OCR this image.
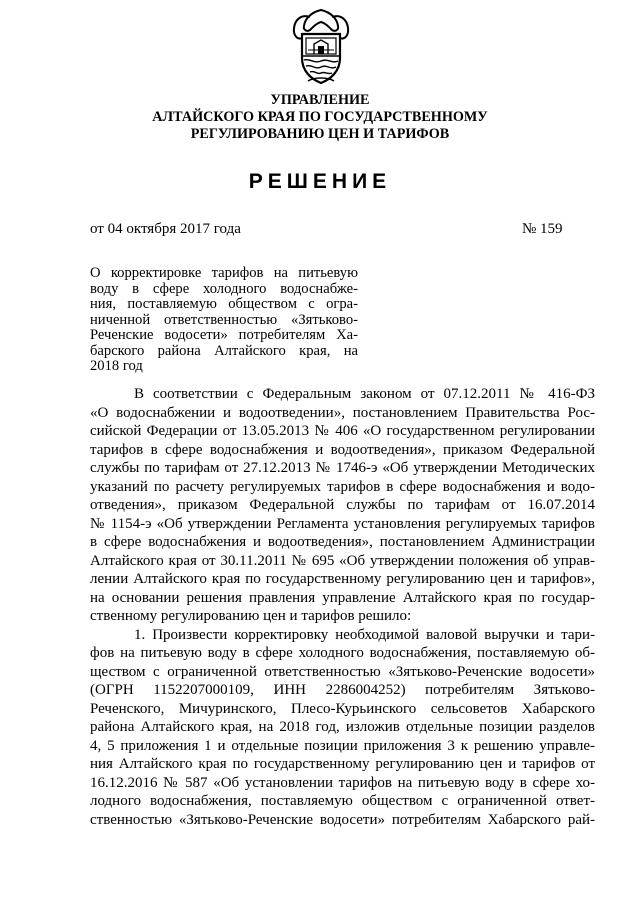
УПРАВЛЕНИЕ
АЛТАЙСКОГО КРАЯ ПО ГОСУДАРСТВЕННОМУ
РЕГУЛИРОВАНИЮ ЦЕН И ТАРИФОВ
РЕШЕНИЕ
от 04 октября 2017 года	№ 159
О корректировке тарифов на питьевую
воду в сфере холодного водоснабже-
ния, поставляемую обществом с огра-
ниченной ответственностью «Зятьково-
Реченские водосети» потребителям Ха-
барского района Алтайского края, на
2018 год
В соответствии с Федеральным законом от 07.12.2011 № 416-ФЗ
«О водоснабжении и водоотведении», постановлением Правительства Рос-
сийской Федерации от 13.05.2013 № 406 «О государственном регулировании
тарифов в сфере водоснабжения и водоотведения», приказом Федеральной
службы по тарифам от 27.12.2013 № 1746-э «Об утверждении Методических
указаний по расчету регулируемых тарифов в сфере водоснабжения и водо-
отведения», приказом Федеральной службы по тарифам от 16.07.2014
№ 1154-э «Об утверждении Регламента установления регулируемых тарифов
в сфере водоснабжения и водоотведения», постановлением Администрации
Алтайского края от 30.11.2011 № 695 «Об утверждении положения об управ-
лении Алтайского края по государственному регулированию цен и тарифов»,
на основании решения правления управление Алтайского края по государ-
ственному регулированию цен и тарифов решило:
1. Произвести корректировку необходимой валовой выручки и тари-
фов на питьевую воду в сфере холодного водоснабжения, поставляемую об-
ществом с ограниченной ответственностью «Зятьково-Реченские водосети»
(ОГРН 1152207000109, ИНН 2286004252) потребителям Зятьково-
Реченского, Мичуринского, Плесо-Курьинского сельсоветов Хабарского
района Алтайского края, на 2018 год, изложив отдельные позиции разделов
4, 5 приложения 1 и отдельные позиции приложения 3 к решению управле-
ния Алтайского края по государственному регулированию цен и тарифов от
16.12.2016 № 587 «Об установлении тарифов на питьевую воду в сфере хо-
лодного водоснабжения, поставляемую обществом с ограниченной ответ-
ственностью «Зятьково-Реченские водосети» потребителям Хабарского рай-
